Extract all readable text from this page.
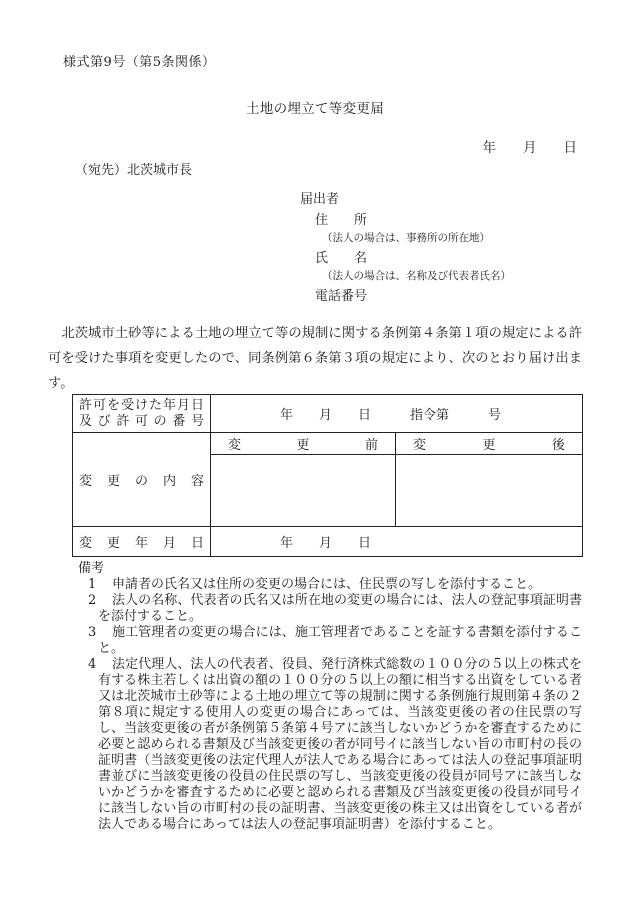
様式第9号（第5条関係）
土地の埋立て等変更届
年　　月　　日
（宛先）北茨城市長
届出者
住　　所
（法人の場合は、事務所の所在地）
氏　　名
（法人の場合は、名称及び代表者氏名）
電話番号
　北茨城市土砂等による土地の埋立て等の規制に関する条例第４条第１項の規定による許可を受けた事項を変更したので、同条例第６条第３項の規定により、次のとおり届け出ます。
許可を受けた年月日
及び許可の番号	　　　　　年　　月　　日　　　指令第　　　号	
変更の内容	変更前	変更後

変更年月日	　　　　　年　　月　　日	
備考
1 申請者の氏名又は住所の変更の場合には、住民票の写しを添付すること。
2 法人の名称、代表者の氏名又は所在地の変更の場合には、法人の登記事項証明書を添付すること。
3 施工管理者の変更の場合には、施工管理者であることを証する書類を添付すること。
4 法定代理人、法人の代表者、役員、発行済株式総数の１００分の５以上の株式を有する株主若しくは出資の額の１００分の５以上の額に相当する出資をしている者又は北茨城市土砂等による土地の埋立て等の規制に関する条例施行規則第４条の２第８項に規定する使用人の変更の場合にあっては、当該変更後の者の住民票の写し、当該変更後の者が条例第５条第４号アに該当しないかどうかを審査するために必要と認められる書類及び当該変更後の者が同号イに該当しない旨の市町村の長の証明書（当該変更後の法定代理人が法人である場合にあっては法人の登記事項証明書並びに当該変更後の役員の住民票の写し、当該変更後の役員が同号アに該当しないかどうかを審査するために必要と認められる書類及び当該変更後の役員が同号イに該当しない旨の市町村の長の証明書、当該変更後の株主又は出資をしている者が法人である場合にあっては法人の登記事項証明書）を添付すること。
